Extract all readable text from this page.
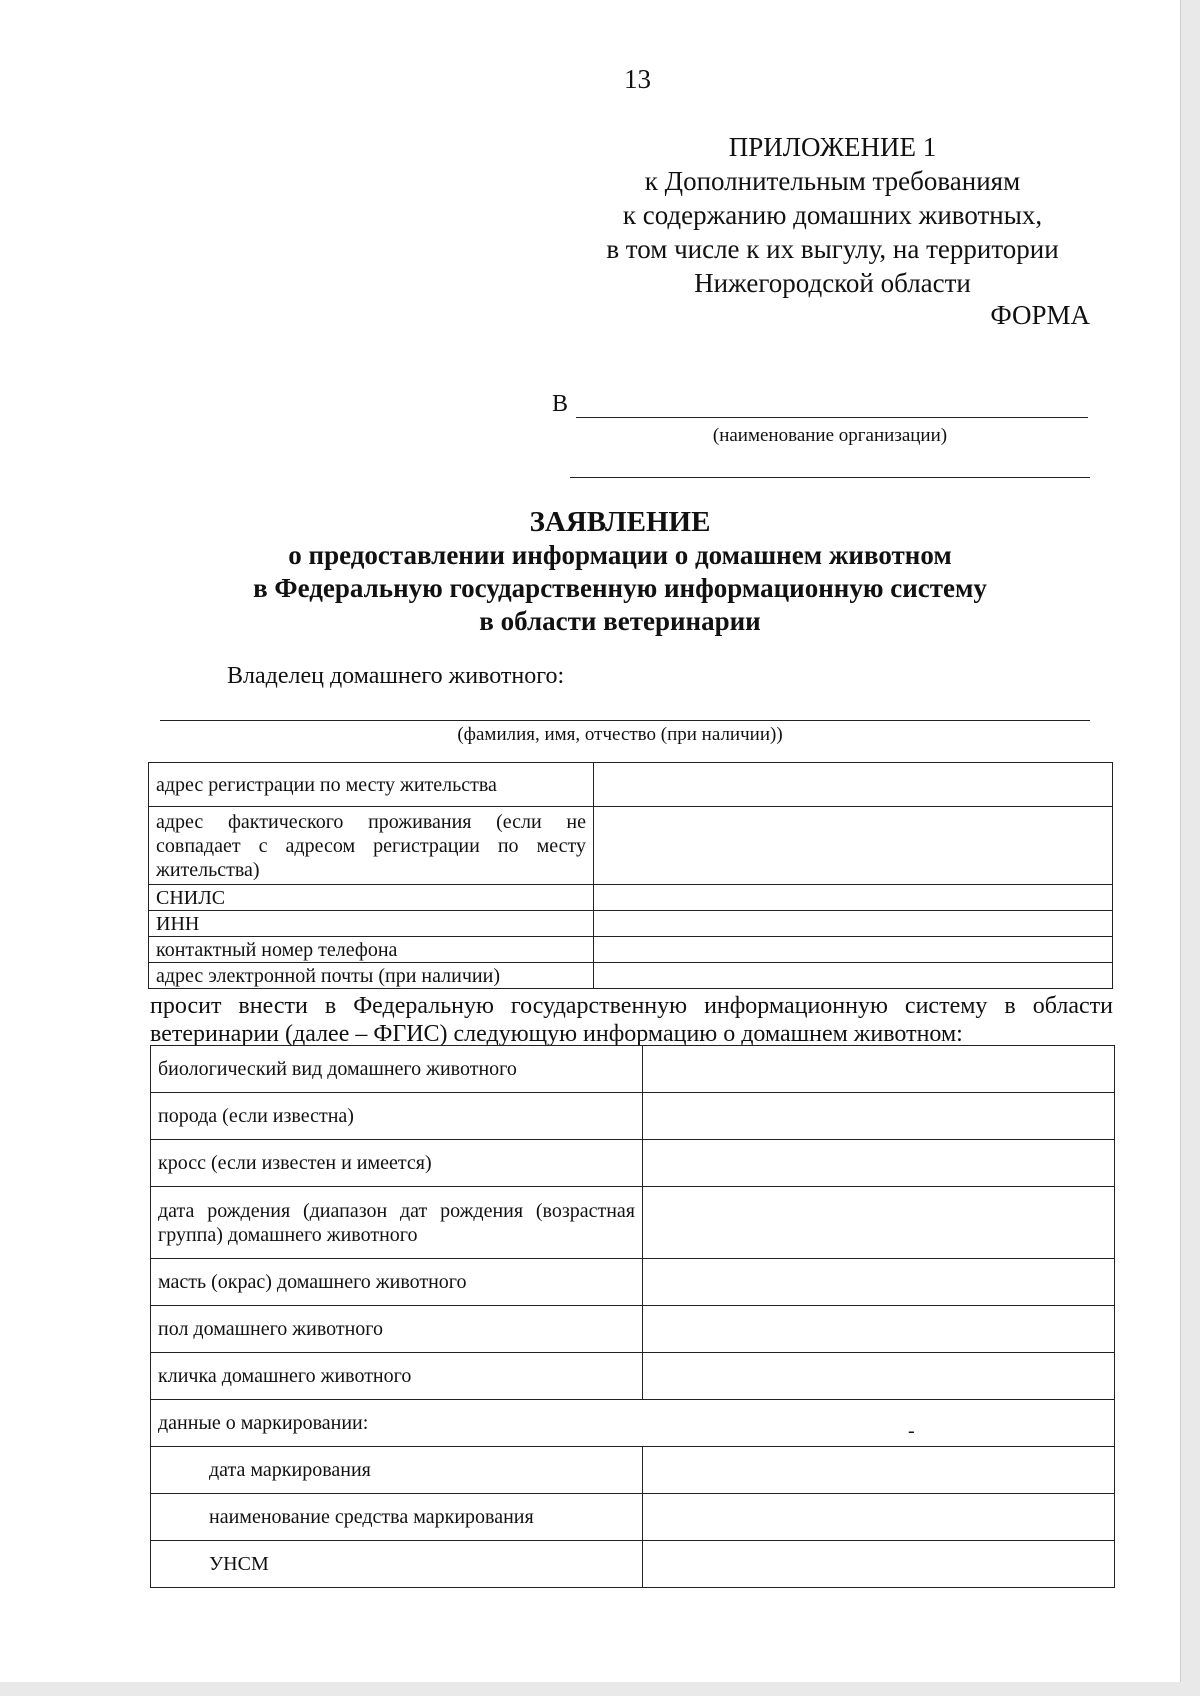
13
ПРИЛОЖЕНИЕ 1
к Дополнительным требованиям
к содержанию домашних животных,
в том числе к их выгулу, на территории
Нижегородской области
ФОРМА
В
(наименование организации)
ЗАЯВЛЕНИЕ
о предоставлении информации о домашнем животном
в Федеральную государственную информационную систему
в области ветеринарии
Владелец домашнего животного:
(фамилия, имя, отчество (при наличии))
адрес регистрации по месту жительства	
адрес фактического проживания (если не совпадает с адресом регистрации по месту жительства)	
СНИЛС	
ИНН	
контактный номер телефона	
адрес электронной почты (при наличии)	
просит внести в Федеральную государственную информационную систему в области ветеринарии (далее – ФГИС) следующую информацию о домашнем животном:
биологический вид домашнего животного	
порода (если известна)	
кросс (если известен и имеется)	
дата рождения (диапазон дат рождения (возрастная группа) домашнего животного	
масть (окрас) домашнего животного	
пол домашнего животного	
кличка домашнего животного	
данные о маркировании:	
дата маркирования	
наименование средства маркирования	
УНСМ	
-
